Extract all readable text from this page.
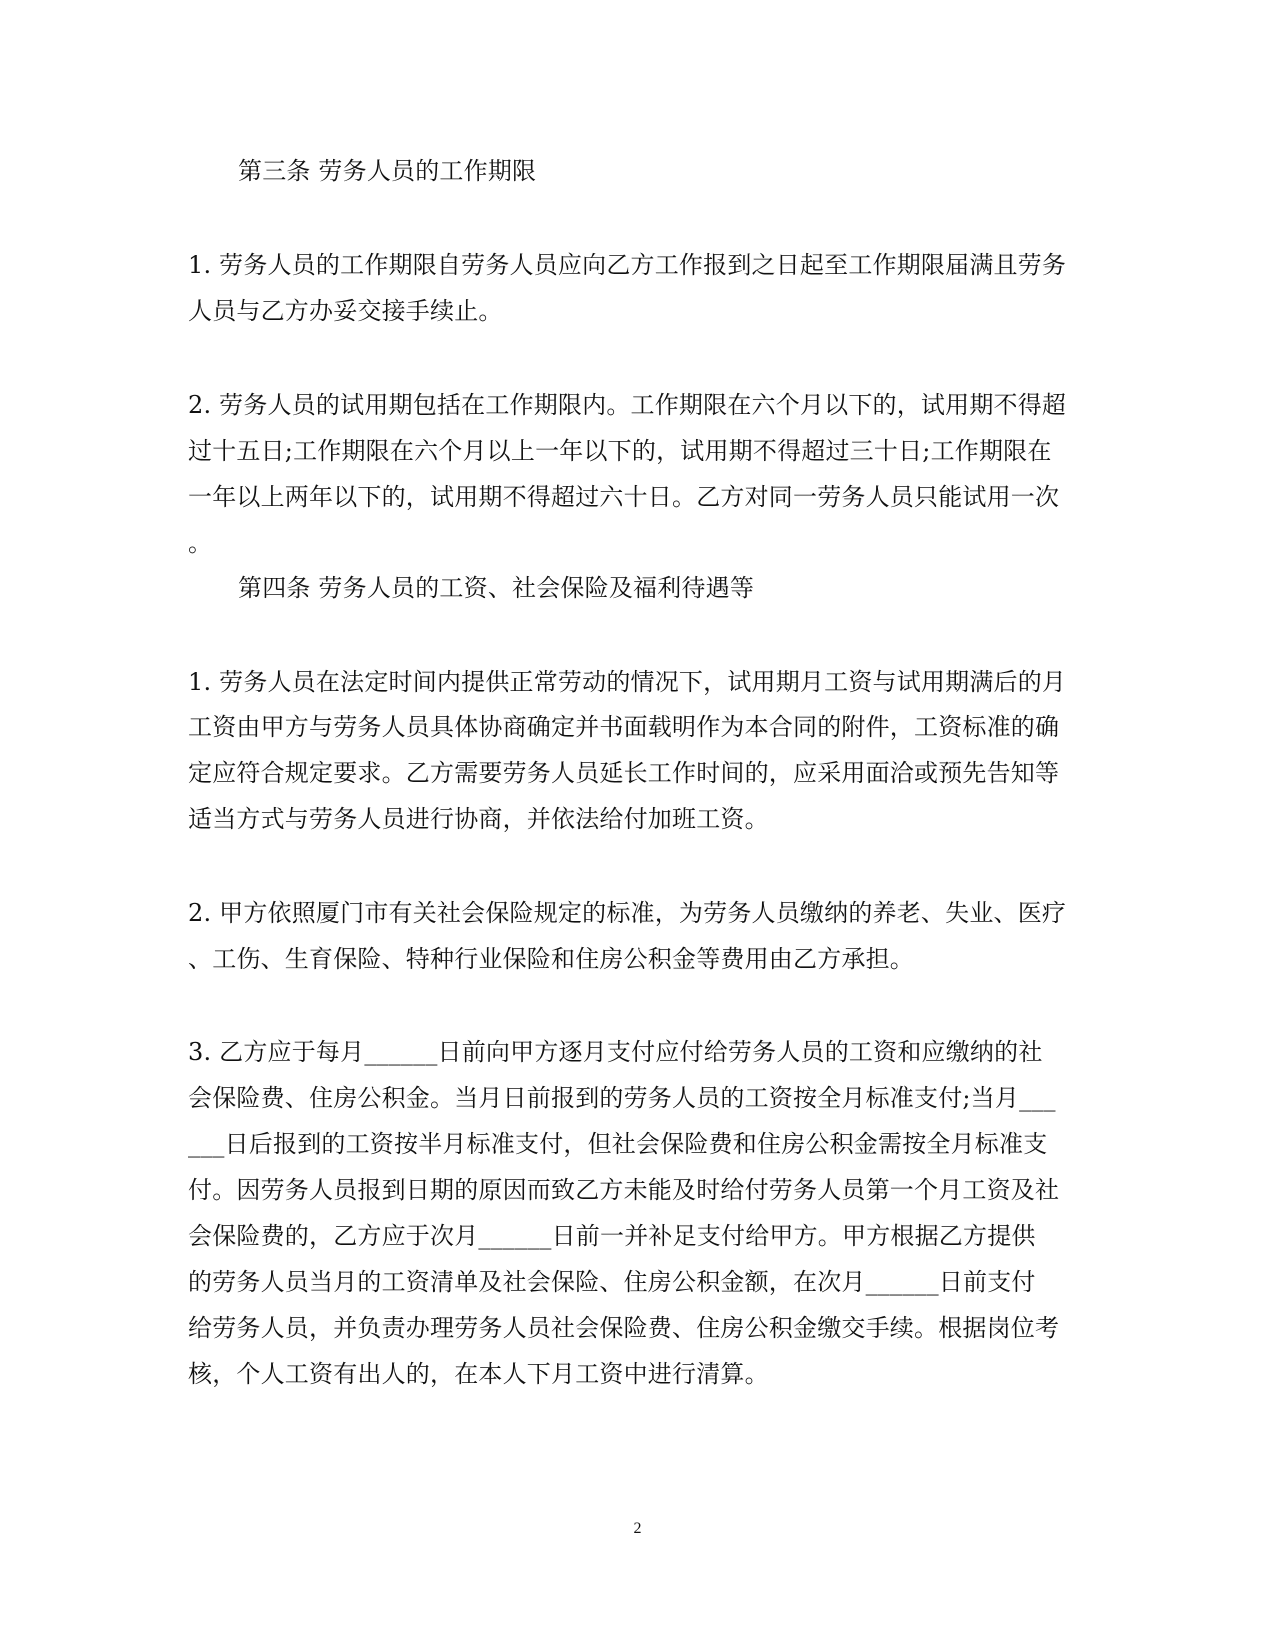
第三条 劳务人员的工作期限
1. 劳务人员的工作期限自劳务人员应向乙方工作报到之日起至工作期限届满且劳务
人员与乙方办妥交接手续止。
2. 劳务人员的试用期包括在工作期限内。工作期限在六个月以下的，试用期不得超
过十五日;工作期限在六个月以上一年以下的，试用期不得超过三十日;工作期限在
一年以上两年以下的，试用期不得超过六十日。乙方对同一劳务人员只能试用一次
。
第四条 劳务人员的工资、社会保险及福利待遇等
1. 劳务人员在法定时间内提供正常劳动的情况下，试用期月工资与试用期满后的月
工资由甲方与劳务人员具体协商确定并书面载明作为本合同的附件，工资标准的确
定应符合规定要求。乙方需要劳务人员延长工作时间的，应采用面洽或预先告知等
适当方式与劳务人员进行协商，并依法给付加班工资。
2. 甲方依照厦门市有关社会保险规定的标准，为劳务人员缴纳的养老、失业、医疗
、工伤、生育保险、特种行业保险和住房公积金等费用由乙方承担。
3. 乙方应于每月______日前向甲方逐月支付应付给劳务人员的工资和应缴纳的社
会保险费、住房公积金。当月日前报到的劳务人员的工资按全月标准支付;当月___
___日后报到的工资按半月标准支付，但社会保险费和住房公积金需按全月标准支
付。因劳务人员报到日期的原因而致乙方未能及时给付劳务人员第一个月工资及社
会保险费的，乙方应于次月______日前一并补足支付给甲方。甲方根据乙方提供
的劳务人员当月的工资清单及社会保险、住房公积金额，在次月______日前支付
给劳务人员，并负责办理劳务人员社会保险费、住房公积金缴交手续。根据岗位考
核，个人工资有出人的，在本人下月工资中进行清算。
2
